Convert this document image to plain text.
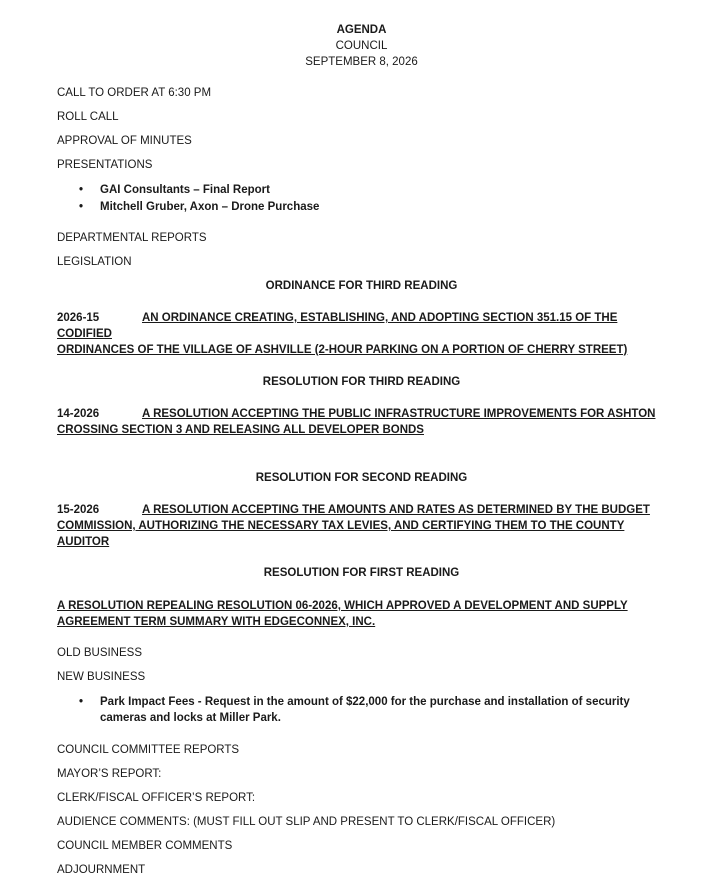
AGENDA
COUNCIL
SEPTEMBER 8, 2026
CALL TO ORDER AT 6:30 PM
ROLL CALL
APPROVAL OF MINUTES
PRESENTATIONS
• GAI Consultants – Final Report
• Mitchell Gruber, Axon – Drone Purchase
DEPARTMENTAL REPORTS
LEGISLATION
ORDINANCE FOR THIRD READING
2026-15	AN ORDINANCE CREATING, ESTABLISHING, AND ADOPTING SECTION 351.15 OF THE CODIFIED
ORDINANCES OF THE VILLAGE OF ASHVILLE (2-HOUR PARKING ON A PORTION OF CHERRY STREET)
RESOLUTION FOR THIRD READING
14-2026	A RESOLUTION ACCEPTING THE PUBLIC INFRASTRUCTURE IMPROVEMENTS FOR ASHTON
CROSSING SECTION 3 AND RELEASING ALL DEVELOPER BONDS
RESOLUTION FOR SECOND READING
15-2026	A RESOLUTION ACCEPTING THE AMOUNTS AND RATES AS DETERMINED BY THE BUDGET
COMMISSION, AUTHORIZING THE NECESSARY TAX LEVIES, AND CERTIFYING THEM TO THE COUNTY AUDITOR
RESOLUTION FOR FIRST READING
A RESOLUTION REPEALING RESOLUTION 06-2026, WHICH APPROVED A DEVELOPMENT AND SUPPLY
AGREEMENT TERM SUMMARY WITH EDGECONNEX, INC.
OLD BUSINESS
NEW BUSINESS
• Park Impact Fees - Request in the amount of $22,000 for the purchase and installation of security
cameras and locks at Miller Park.
COUNCIL COMMITTEE REPORTS
MAYOR’S REPORT:
CLERK/FISCAL OFFICER’S REPORT:
AUDIENCE COMMENTS: (MUST FILL OUT SLIP AND PRESENT TO CLERK/FISCAL OFFICER)
COUNCIL MEMBER COMMENTS
ADJOURNMENT
